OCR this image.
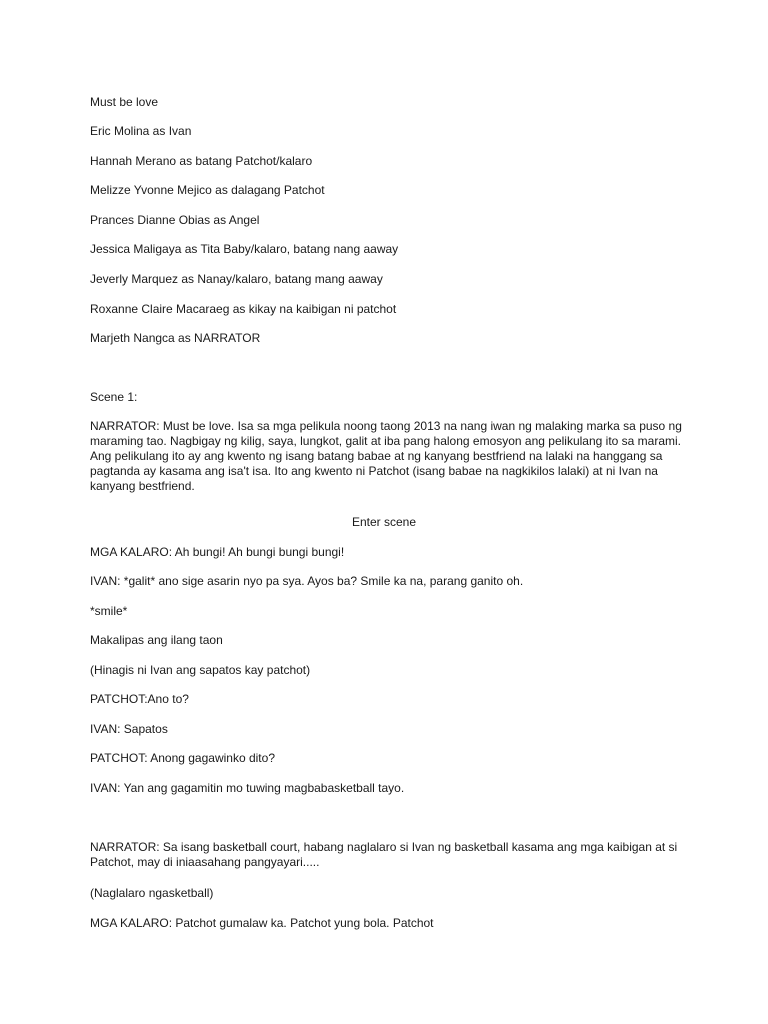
Must be love
Eric Molina as Ivan
Hannah Merano as batang Patchot/kalaro
Melizze Yvonne Mejico as dalagang Patchot
Prances Dianne Obias as Angel
Jessica Maligaya as Tita Baby/kalaro, batang nang aaway
Jeverly Marquez as Nanay/kalaro, batang mang aaway
Roxanne Claire Macaraeg as kikay na kaibigan ni patchot
Marjeth Nangca as NARRATOR
Scene 1:
NARRATOR: Must be love. Isa sa mga pelikula noong taong 2013 na nang iwan ng malaking marka sa puso ng
maraming tao. Nagbigay ng kilig, saya, lungkot, galit at iba pang halong emosyon ang pelikulang ito sa marami.
Ang pelikulang ito ay ang kwento ng isang batang babae at ng kanyang bestfriend na lalaki na hanggang sa
pagtanda ay kasama ang isa't isa. Ito ang kwento ni Patchot (isang babae na nagkikilos lalaki) at ni Ivan na
kanyang bestfriend.
Enter scene
MGA KALARO: Ah bungi! Ah bungi bungi bungi!
IVAN: *galit* ano sige asarin nyo pa sya. Ayos ba? Smile ka na, parang ganito oh.
*smile*
Makalipas ang ilang taon
(Hinagis ni Ivan ang sapatos kay patchot)
PATCHOT:Ano to?
IVAN: Sapatos
PATCHOT: Anong gagawinko dito?
IVAN: Yan ang gagamitin mo tuwing magbabasketball tayo.
NARRATOR: Sa isang basketball court, habang naglalaro si Ivan ng basketball kasama ang mga kaibigan at si
Patchot, may di iniaasahang pangyayari.....
(Naglalaro ngasketball)
MGA KALARO: Patchot gumalaw ka. Patchot yung bola. Patchot
